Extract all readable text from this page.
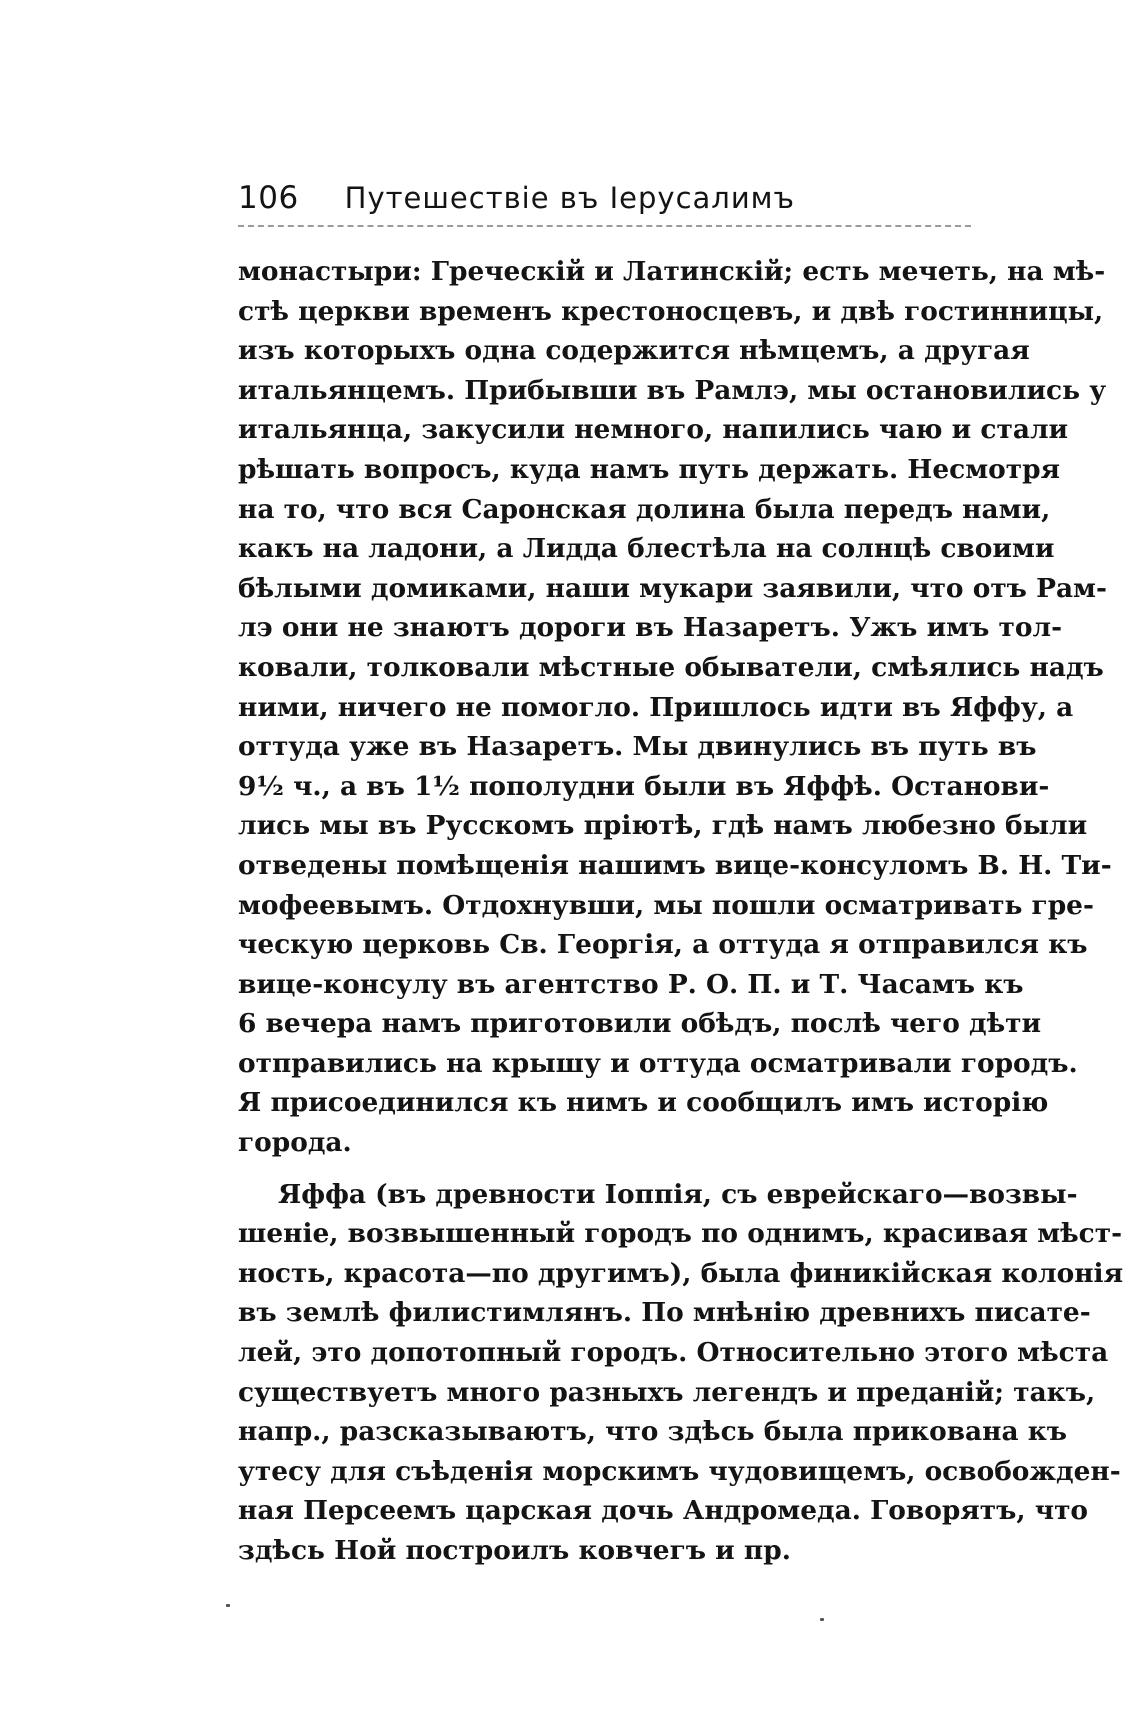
106 Путешествіе въ Іерусалимъ
монастыри: Греческій и Латинскій; есть мечеть, на мѣ-
стѣ церкви временъ крестоносцевъ, и двѣ гостинницы,
изъ которыхъ одна содержится нѣмцемъ, а другая
итальянцемъ. Прибывши въ Рамлэ, мы остановились у
итальянца, закусили немного, напились чаю и стали
рѣшать вопросъ, куда намъ путь держать. Несмотря
на то, что вся Саронская долина была передъ нами,
какъ на ладони, а Лидда блестѣла на солнцѣ своими
бѣлыми домиками, наши мукари заявили, что отъ Рам-
лэ они не знаютъ дороги въ Назаретъ. Ужъ имъ тол-
ковали, толковали мѣстные обыватели, смѣялись надъ
ними, ничего не помогло. Пришлось идти въ Яффу, а
оттуда уже въ Назаретъ. Мы двинулись въ путь въ
9½ ч., а въ 1½ пополудни были въ Яффѣ. Останови-
лись мы въ Русскомъ пріютѣ, гдѣ намъ любезно были
отведены помѣщенія нашимъ вице-консуломъ В. Н. Ти-
мофеевымъ. Отдохнувши, мы пошли осматривать гре-
ческую церковь Св. Георгія, а оттуда я отправился къ
вице-консулу въ агентство Р. О. П. и Т. Часамъ къ
6 вечера намъ приготовили обѣдъ, послѣ чего дѣти
отправились на крышу и оттуда осматривали городъ.
Я присоединился къ нимъ и сообщилъ имъ исторію
города.
Яффа (въ древности Іоппія, съ еврейскаго—возвы-
шеніе, возвышенный городъ по однимъ, красивая мѣст-
ность, красота—по другимъ), была финикійская колонія
въ землѣ филистимлянъ. По мнѣнію древнихъ писате-
лей, это допотопный городъ. Относительно этого мѣста
существуетъ много разныхъ легендъ и преданій; такъ,
напр., разсказываютъ, что здѣсь была прикована къ
утесу для съѣденія морскимъ чудовищемъ, освобожден-
ная Персеемъ царская дочь Андромеда. Говорятъ, что
здѣсь Ной построилъ ковчегъ и пр.
